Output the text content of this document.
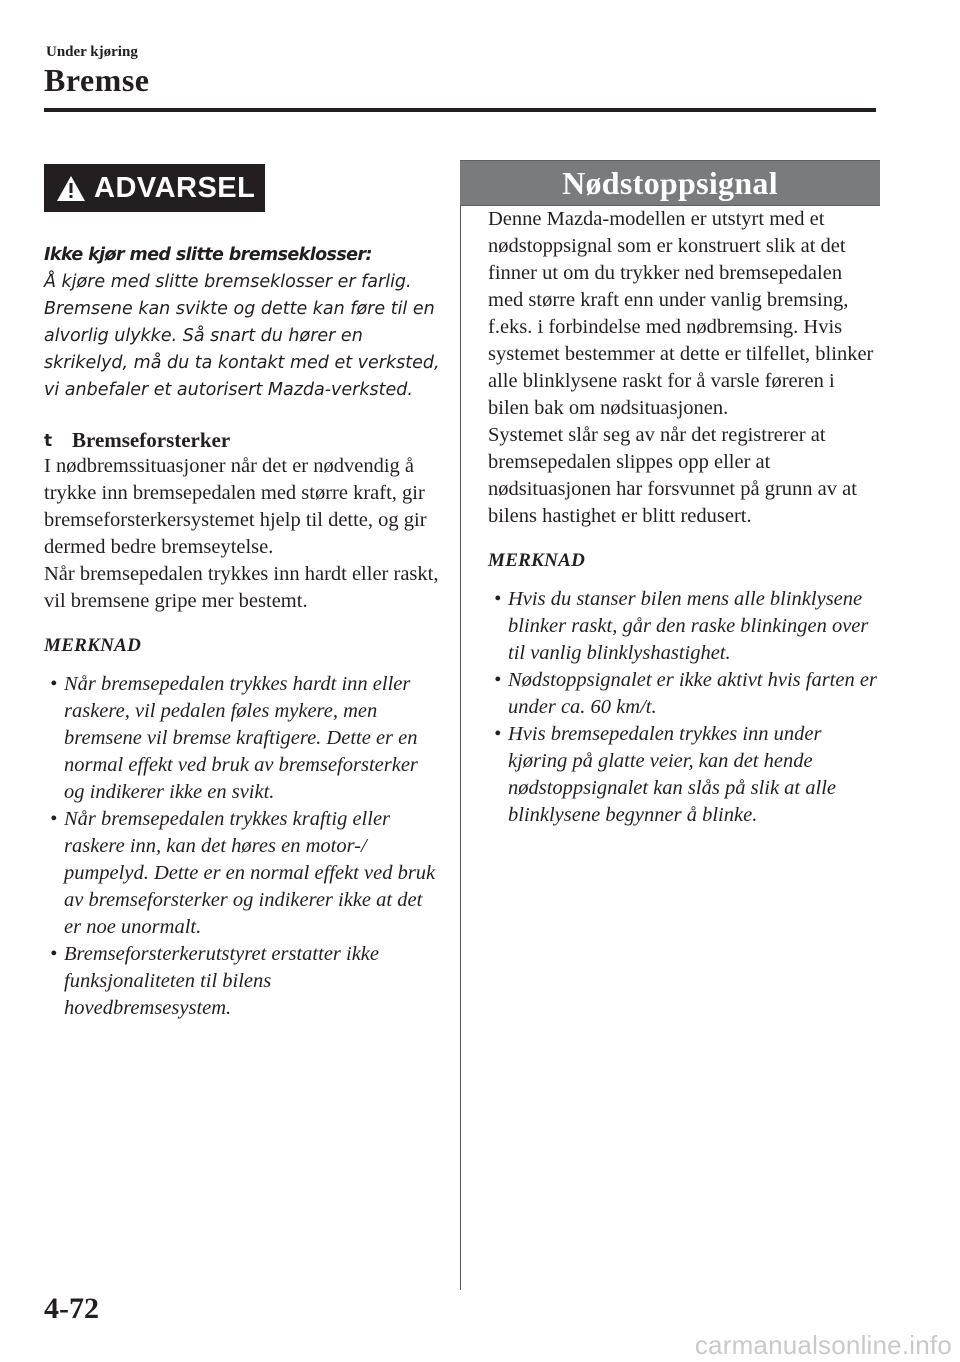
Under kjøring
Bremse
ADVARSEL
Ikke kjør med slitte bremseklosser:
Å kjøre med slitte bremseklosser er farlig. Bremsene kan svikte og dette kan føre til en alvorlig ulykke. Så snart du hører en skrikelyd, må du ta kontakt med et verksted, vi anbefaler et autorisert Mazda-verksted.
t Bremseforsterker

I nødbremssituasjoner når det er nødvendig å trykke inn bremsepedalen med større kraft, gir bremseforsterkersystemet hjelp til dette, og gir dermed bedre bremseytelse.

Når bremsepedalen trykkes inn hardt eller raskt, vil bremsene gripe mer bestemt.

MERKNAD
• Når bremsepedalen trykkes hardt inn eller raskere, vil pedalen føles mykere, men bremsene vil bremse kraftigere. Dette er en normal effekt ved bruk av bremseforsterker og indikerer ikke en svikt.
• Når bremsepedalen trykkes kraftig eller raskere inn, kan det høres en motor-/ pumpelyd. Dette er en normal effekt ved bruk av bremseforsterker og indikerer ikke at det er noe unormalt.
• Bremseforsterkerutstyret erstatter ikke funksjonaliteten til bilens hovedbremsesystem.
Nødstoppsignal

Denne Mazda-modellen er utstyrt med et nødstoppsignal som er konstruert slik at det finner ut om du trykker ned bremsepedalen med større kraft enn under vanlig bremsing, f.eks. i forbindelse med nødbremsing. Hvis systemet bestemmer at dette er tilfellet, blinker alle blinklysene raskt for å varsle føreren i bilen bak om nødsituasjonen.

Systemet slår seg av når det registrerer at bremsepedalen slippes opp eller at nødsituasjonen har forsvunnet på grunn av at bilens hastighet er blitt redusert.

MERKNAD
• Hvis du stanser bilen mens alle blinklysene blinker raskt, går den raske blinkingen over til vanlig blinklyshastighet.
• Nødstoppsignalet er ikke aktivt hvis farten er under ca. 60 km/t.
• Hvis bremsepedalen trykkes inn under kjøring på glatte veier, kan det hende nødstoppsignalet kan slås på slik at alle blinklysene begynner å blinke.
4-72
carmanualsonline.info
